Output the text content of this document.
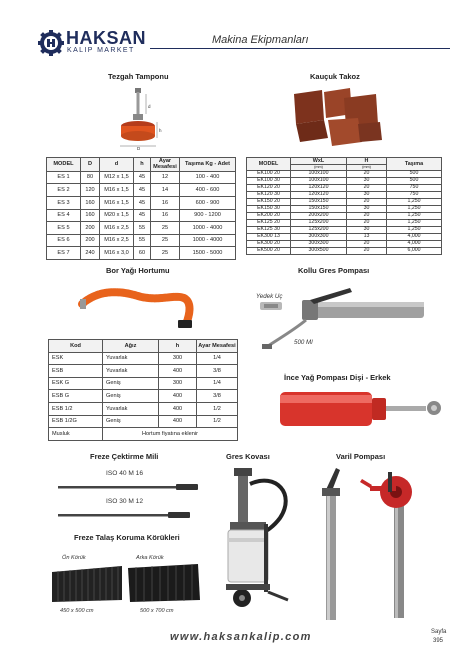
HAKSAN
KALIP MARKET
Makina Ekipmanları
Tezgah Tamponu
d
h
D
MODEL	D	d	h	Ayar Mesafesi	Taşıma Kg - Adet
ES 1	80	M12 x 1,5	45	12	100 - 400
ES 2	120	M16 x 1,5	45	14	400 - 600
ES 3	160	M16 x 1,5	45	16	600 - 900
ES 4	160	M20 x 1,5	45	16	900 - 1200
ES 5	200	M16 x 2,5	55	25	1000 - 4000
ES 6	200	M16 x 2,5	55	25	1000 - 4000
ES 7	240	M16 x 3,0	60	25	1500 - 5000
Kauçuk Takoz
MODEL	WxL	H	Taşıma
	(mm)	(mm)	
EK100 20	100x100	20	500
EK100 30	100x100	30	500
EK120 20	120x120	20	750
EK120 30	120x120	30	750
EK150 20	150x150	20	1,250
EK150 30	150x150	30	1,250
EK200 20	200x200	20	1,250
EK125 20	125x200	20	1,250
EK125 30	125x200	30	1,250
EK300 13	300x300	13	4,000
EK300 20	300x300	20	4,000
EK500 20	300x500	20	6,000
Bor Yağı Hortumu
Kod	Ağız	h	Ayar Mesafesi
ESK	Yuvarlak	300	1/4
ESB	Yuvarlak	400	3/8
ESK G	Geniş	300	1/4
ESB G	Geniş	400	3/8
ESB 1/2	Yuvarlak	400	1/2
ESB 1/2G	Geniş	400	1/2
Musluk	Hortum fiyatına eklenir		
Kollu Gres Pompası
Yedek Uç
500 Ml
İnce Yağ Pompası Dişi - Erkek
Freze Çektirme Mili
ISO 40 M 16
ISO 30 M 12
Freze Talaş Koruma Körükleri
Ön Körük	Arka Körük
450 x 500 cm	500 x 700 cm
Gres Kovası	Varil Pompası
www.haksankalip.com	Sayfa
395
